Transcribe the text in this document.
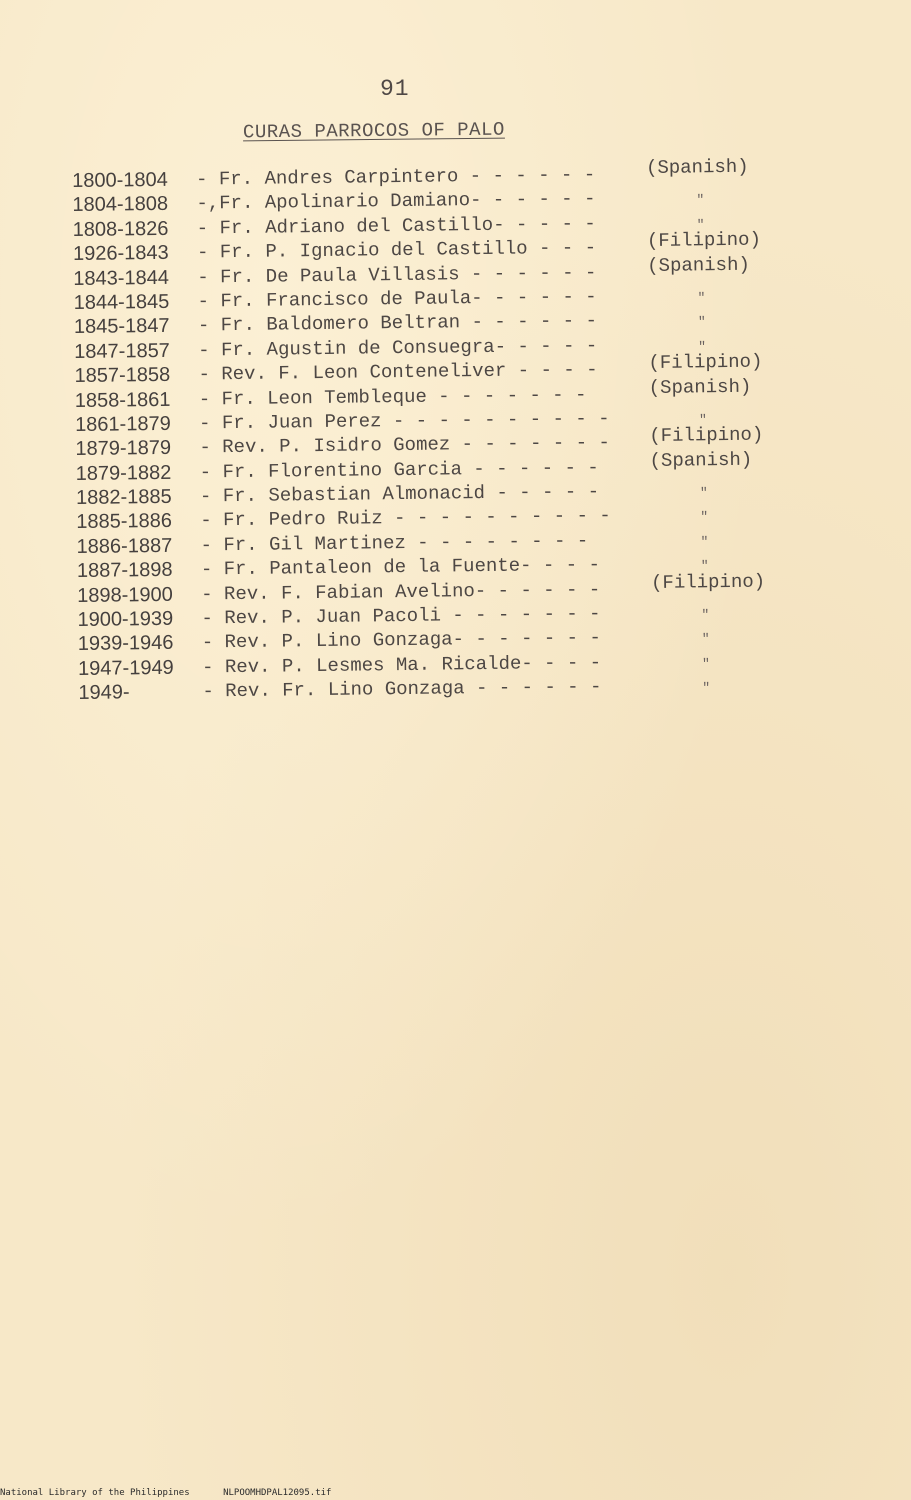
91
CURAS PARROCOS OF PALO
1800-1804 - Fr. Andres Carpintero - - - - - -	(Spanish)
1804-1808 -,Fr. Apolinario Damiano- - - - - -	"
1808-1826 - Fr. Adriano del Castillo- - - - -	"
1926-1843 - Fr. P. Ignacio del Castillo - - -	(Filipino)
1843-1844 - Fr. De Paula Villasis - - - - - -	(Spanish)
1844-1845 - Fr. Francisco de Paula- - - - - -	"
1845-1847 - Fr. Baldomero Beltran - - - - - -	"
1847-1857 - Fr. Agustin de Consuegra- - - - -	"
1857-1858 - Rev. F. Leon Conteneliver - - - -	(Filipino)
1858-1861 - Fr. Leon Tembleque - - - - - - -	(Spanish)
1861-1879 - Fr. Juan Perez - - - - - - - - - -	"
1879-1879 - Rev. P. Isidro Gomez - - - - - - - (Filipino)
1879-1882 - Fr. Florentino Garcia - - - - - -	(Spanish)
1882-1885 - Fr. Sebastian Almonacid - - - - -	"
1885-1886 - Fr. Pedro Ruiz - - - - - - - - - -	"
1886-1887 - Fr. Gil Martinez - - - - - - - -	"
1887-1898 - Fr. Pantaleon de la Fuente- - - -	"
1898-1900 - Rev. F. Fabian Avelino- - - - - -	(Filipino)
1900-1939 - Rev. P. Juan Pacoli - - - - - - -	"
1939-1946 - Rev. P. Lino Gonzaga- - - - - - -	"
1947-1949 - Rev. P. Lesmes Ma. Ricalde- - - -	"
1949-	- Rev. Fr. Lino Gonzaga - - - - - -	"
National Library of the Philippines	NLPOOMHDPAL12095.tif
